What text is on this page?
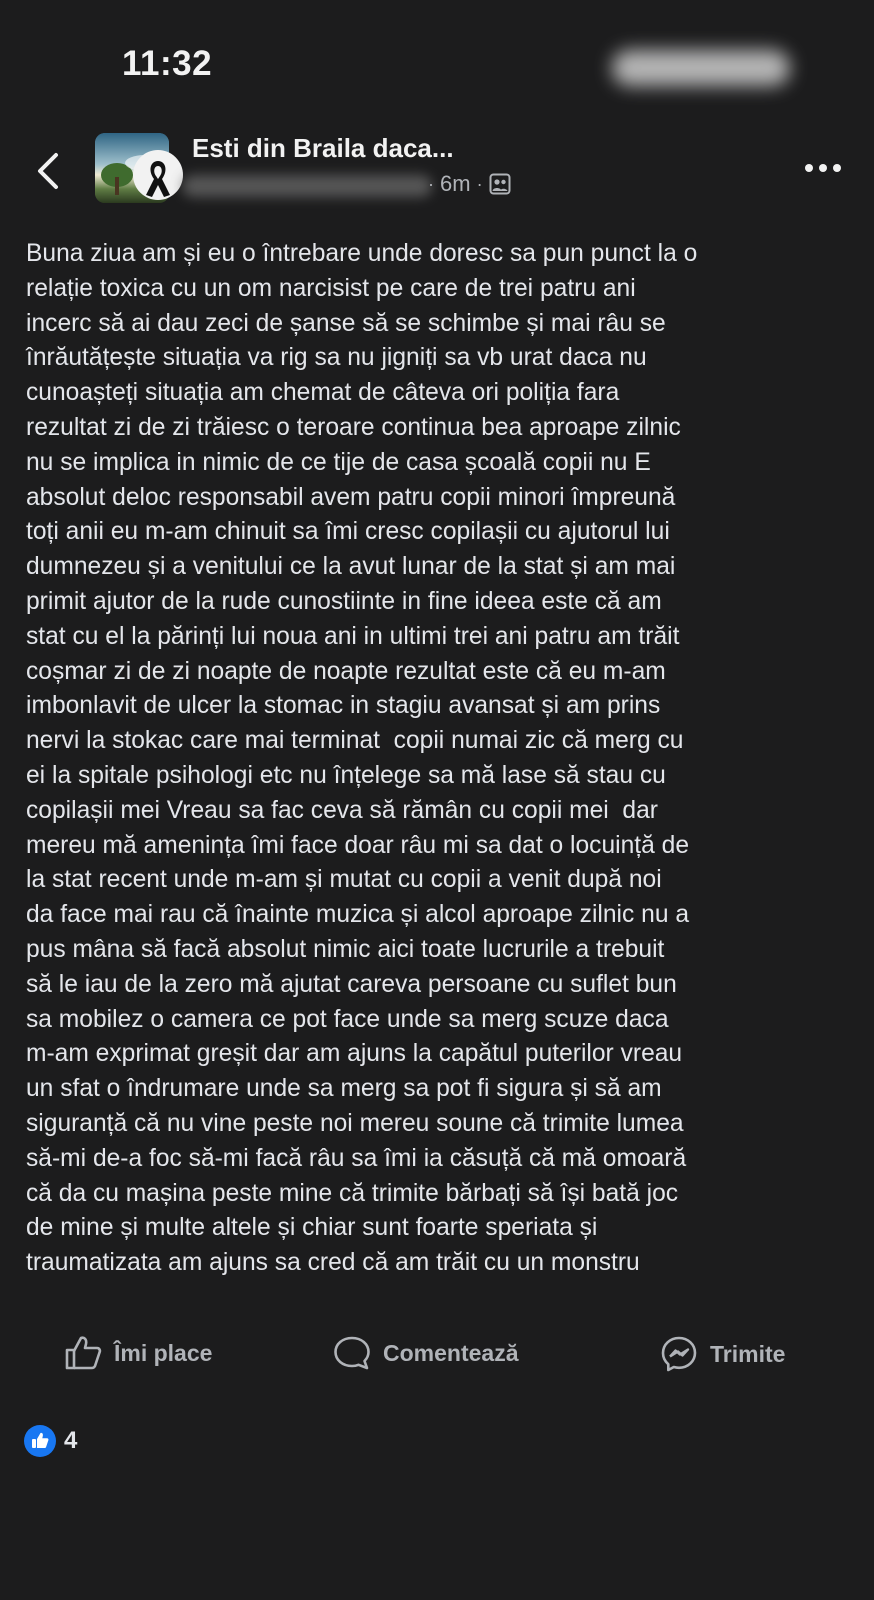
11:32
Esti din Braila daca...
· 6m ·
Buna ziua am și eu o întrebare unde doresc sa pun punct la o
relație toxica cu un om narcisist pe care de trei patru ani
incerc să ai dau zeci de șanse să se schimbe și mai râu se
înrăutățește situația va rig sa nu jigniți sa vb urat daca nu
cunoașteți situația am chemat de câteva ori poliția fara
rezultat zi de zi trăiesc o teroare continua bea aproape zilnic
nu se implica in nimic de ce tije de casa școală copii nu E
absolut deloc responsabil avem patru copii minori împreună
toți anii eu m-am chinuit sa îmi cresc copilașii cu ajutorul lui
dumnezeu și a venitului ce la avut lunar de la stat și am mai
primit ajutor de la rude cunostiinte in fine ideea este că am
stat cu el la părinți lui noua ani in ultimi trei ani patru am trăit
coșmar zi de zi noapte de noapte rezultat este că eu m-am
imbonlavit de ulcer la stomac in stagiu avansat și am prins
nervi la stokac care mai terminat  copii numai zic că merg cu
ei la spitale psihologi etc nu înțelege sa mă lase să stau cu
copilașii mei Vreau sa fac ceva să rămân cu copii mei  dar
mereu mă amenința îmi face doar râu mi sa dat o locuință de
la stat recent unde m-am și mutat cu copii a venit după noi
da face mai rau că înainte muzica și alcol aproape zilnic nu a
pus mâna să facă absolut nimic aici toate lucrurile a trebuit
să le iau de la zero mă ajutat careva persoane cu suflet bun
sa mobilez o camera ce pot face unde sa merg scuze daca
m-am exprimat greșit dar am ajuns la capătul puterilor vreau
un sfat o îndrumare unde sa merg sa pot fi sigura și să am
siguranță că nu vine peste noi mereu soune că trimite lumea
să-mi de-a foc să-mi facă râu sa îmi ia căsuță că mă omoară
că da cu mașina peste mine că trimite bărbați să își bată joc
de mine și multe altele și chiar sunt foarte speriata și
traumatizata am ajuns sa cred că am trăit cu un monstru
Îmi place	Comentează	Trimite
4
